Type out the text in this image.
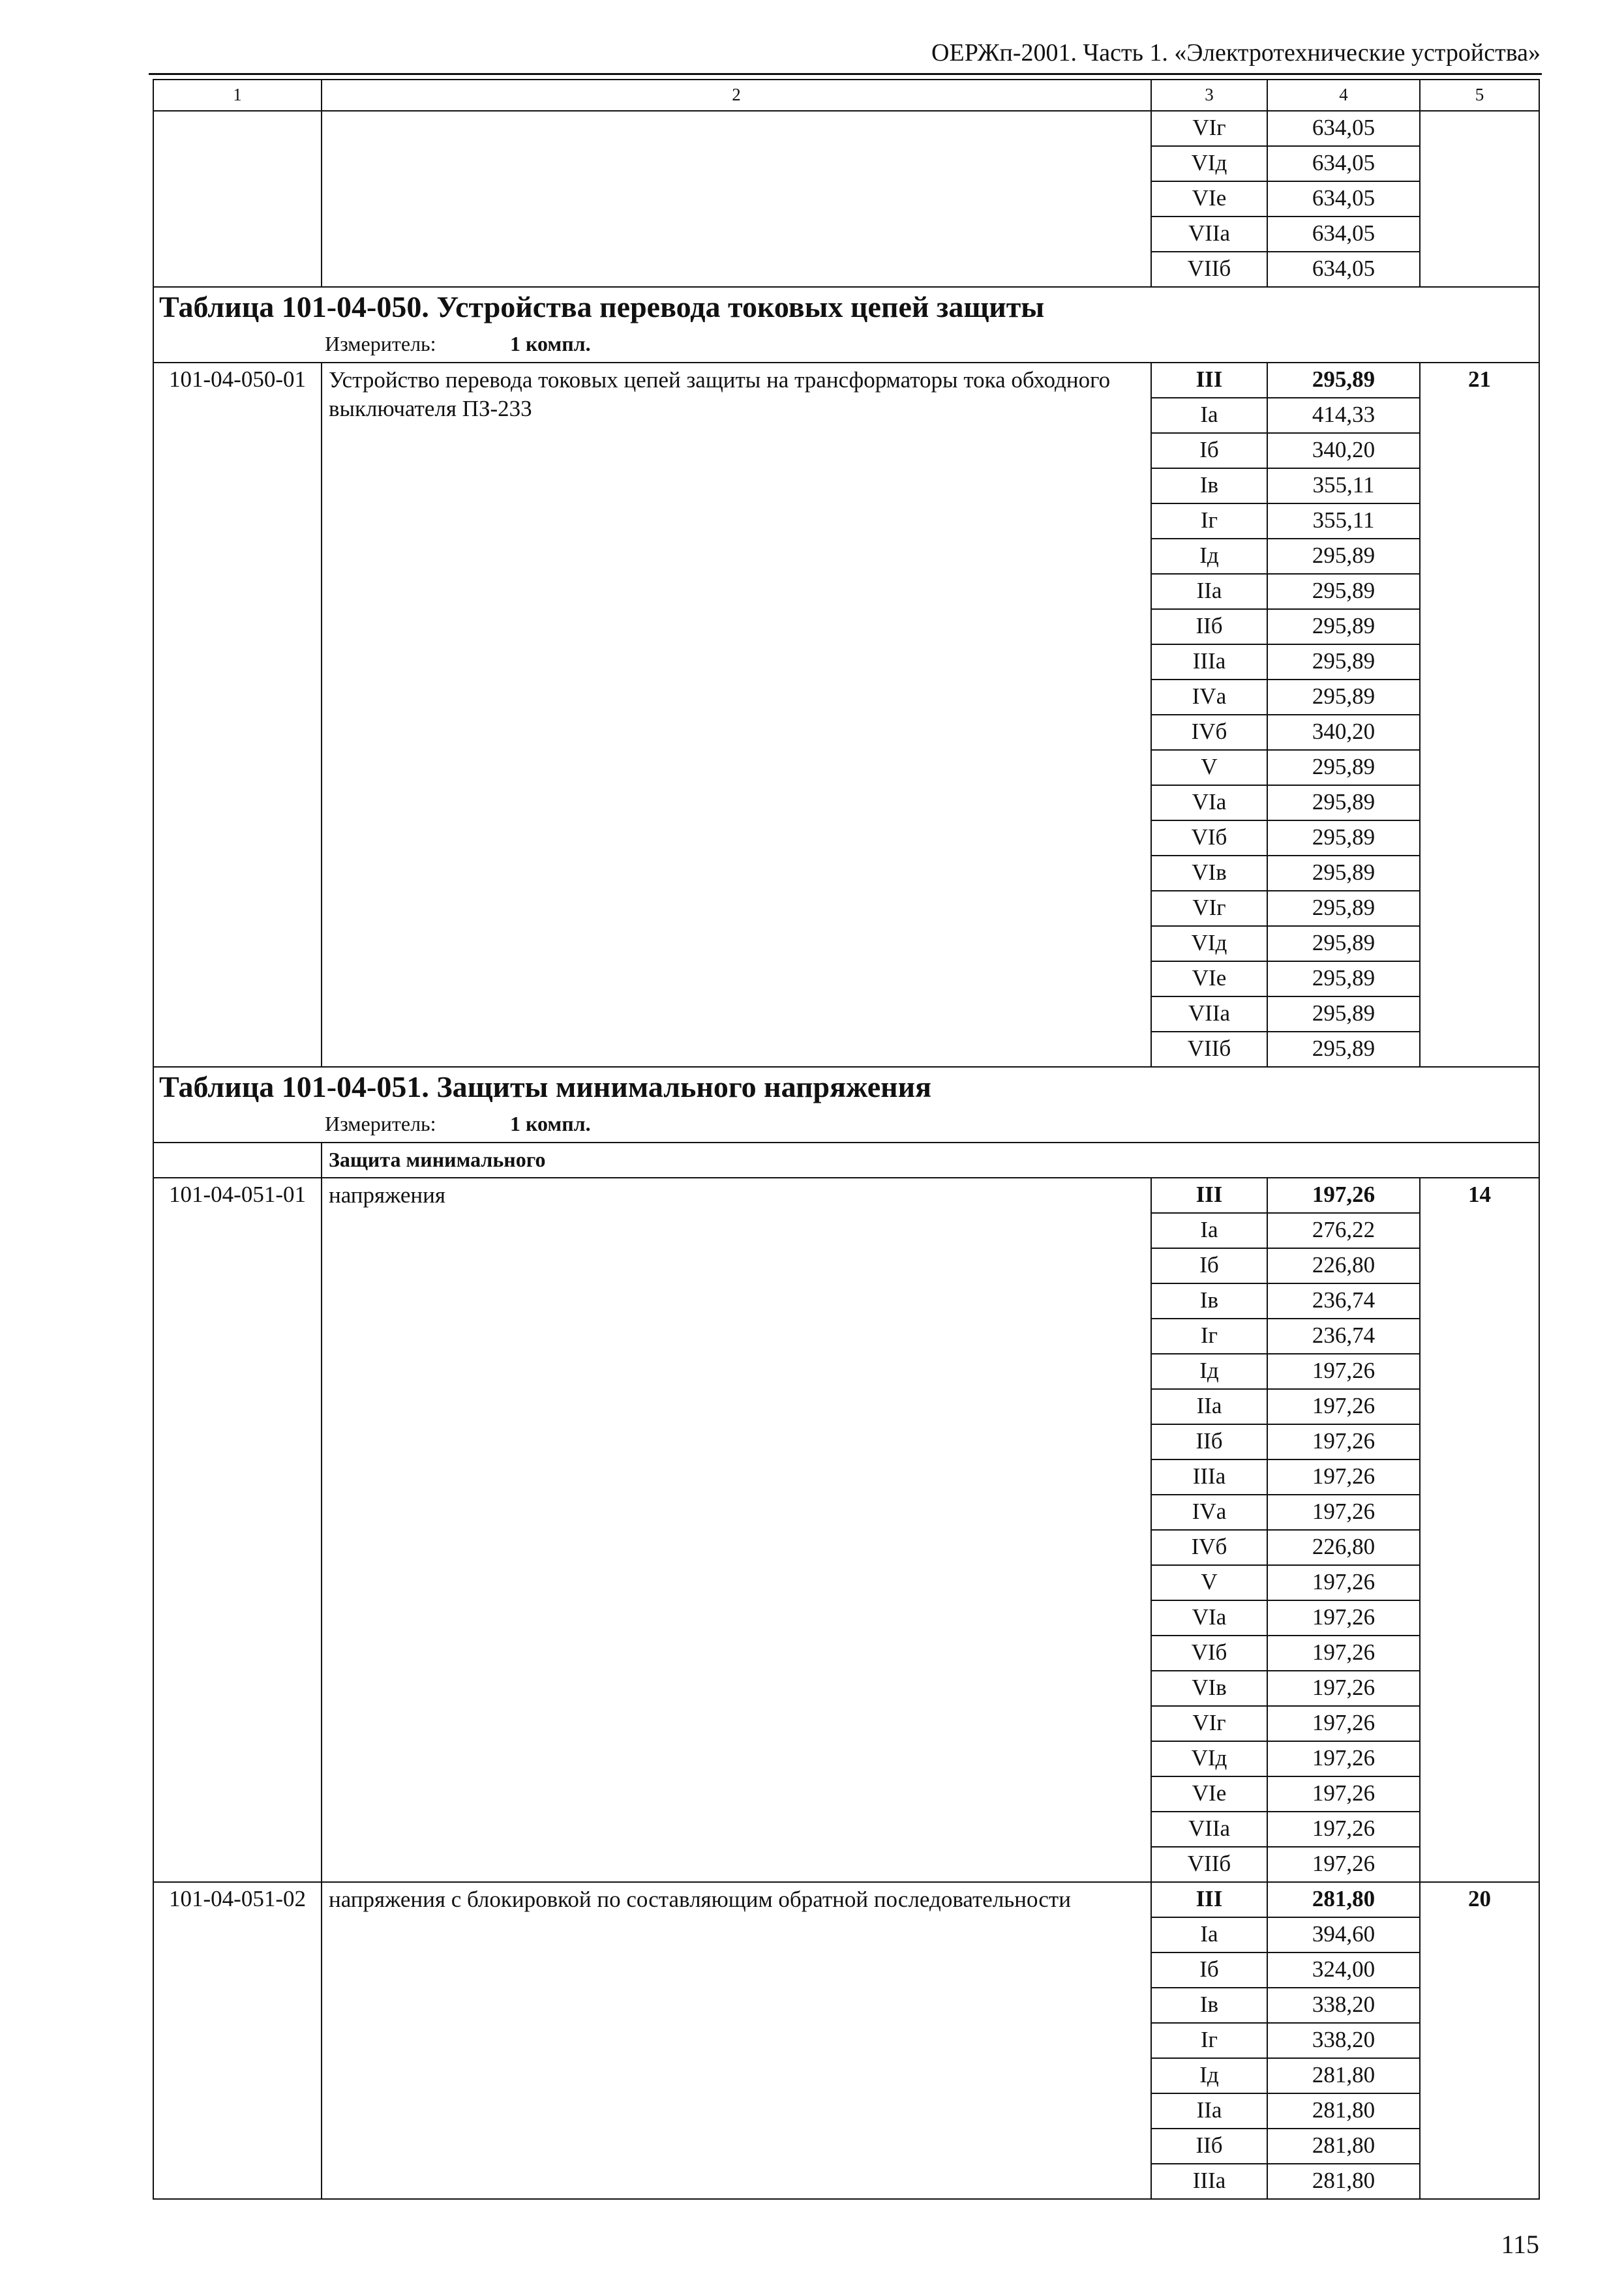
ОЕРЖп-2001. Часть 1. «Электротехнические устройства»
1	2	3	4	5
		VIг	634,05	
		VIд	634,05	
		VIе	634,05	
		VIIа	634,05	
		VIIб	634,05	
Таблица 101-04-050. Устройства перевода токовых цепей защиты				
Измеритель: 1 компл.				
101-04-050-01	Устройство перевода токовых цепей защиты на трансформаторы тока обходного выключателя ПЗ-233	III	295,89	21
		Iа	414,33	
		Iб	340,20	
		Iв	355,11	
		Iг	355,11	
		Iд	295,89	
		IIа	295,89	
		IIб	295,89	
		IIIа	295,89	
		IVа	295,89	
		IVб	340,20	
		V	295,89	
		VIа	295,89	
		VIб	295,89	
		VIв	295,89	
		VIг	295,89	
		VIд	295,89	
		VIе	295,89	
		VIIа	295,89	
		VIIб	295,89	
Таблица 101-04-051. Защиты минимального напряжения				
Измеритель: 1 компл.				
	Защита минимального			
101-04-051-01	напряжения	III	197,26	14
		Iа	276,22	
		Iб	226,80	
		Iв	236,74	
		Iг	236,74	
		Iд	197,26	
		IIа	197,26	
		IIб	197,26	
		IIIа	197,26	
		IVа	197,26	
		IVб	226,80	
		V	197,26	
		VIа	197,26	
		VIб	197,26	
		VIв	197,26	
		VIг	197,26	
		VIд	197,26	
		VIе	197,26	
		VIIа	197,26	
		VIIб	197,26	
101-04-051-02	напряжения с блокировкой по составляющим обратной последовательности	III	281,80	20
		Iа	394,60	
		Iб	324,00	
		Iв	338,20	
		Iг	338,20	
		Iд	281,80	
		IIа	281,80	
		IIб	281,80	
		IIIа	281,80	
115
